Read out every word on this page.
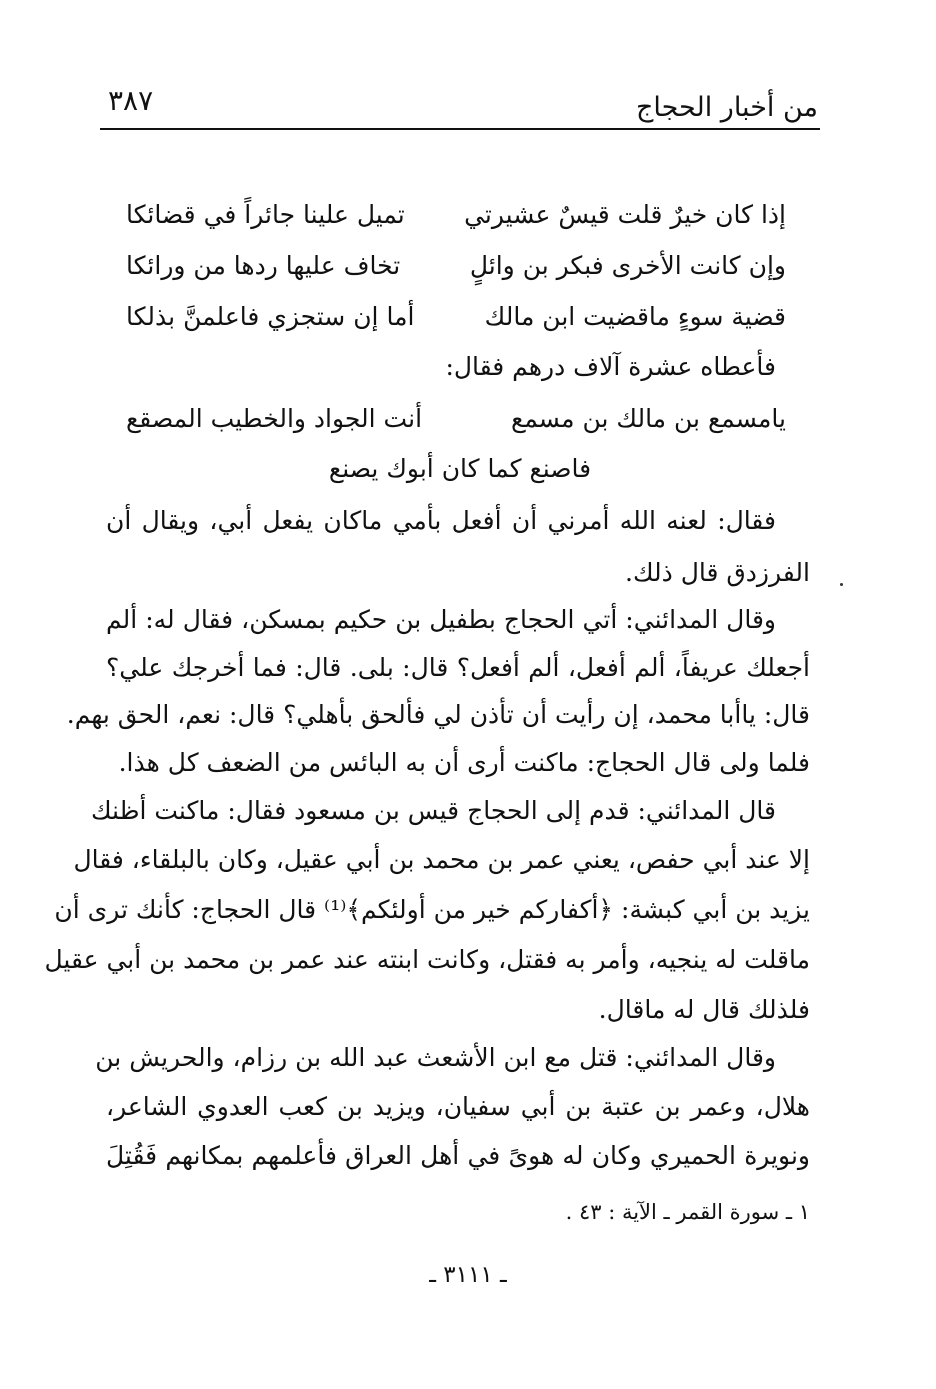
من أخبار الحجاج
٣٨٧
إذا كان خيرٌ قلت قيسٌ عشيرتي
تميل علينا جائراً في قضائكا
وإن كانت الأخرى فبكر بن وائلٍ
تخاف عليها ردها من ورائكا
قضية سوءٍ ماقضيت ابن مالك
أما إن ستجزي فاعلمنَّ بذلكا
فأعطاه عشرة آلاف درهم فقال:
يامسمع بن مالك بن مسمع
أنت الجواد والخطيب المصقع
فاصنع كما كان أبوك يصنع
فقال: لعنه الله أمرني أن أفعل بأمي ماكان يفعل أبي، ويقال أن
الفرزدق قال ذلك.
وقال المدائني: أتي الحجاج بطفيل بن حكيم بمسكن، فقال له: ألم
أجعلك عريفاً، ألم أفعل، ألم أفعل؟ قال: بلى. قال: فما أخرجك علي؟
قال: ياأبا محمد، إن رأيت أن تأذن لي فألحق بأهلي؟ قال: نعم، الحق بهم.
فلما ولى قال الحجاج: ماكنت أرى أن به البائس من الضعف كل هذا.
قال المدائني: قدم إلى الحجاج قيس بن مسعود فقال: ماكنت أظنك
إلا عند أبي حفص، يعني عمر بن محمد بن أبي عقيل، وكان بالبلقاء، فقال
يزيد بن أبي كبشة: ﴿أكفاركم خير من أولئكم﴾⁽¹⁾ قال الحجاج: كأنك ترى أن
ماقلت له ينجيه، وأمر به فقتل، وكانت ابنته عند عمر بن محمد بن أبي عقيل
فلذلك قال له ماقال.
وقال المدائني: قتل مع ابن الأشعث عبد الله بن رزام، والحريش بن
هلال، وعمر بن عتبة بن أبي سفيان، ويزيد بن كعب العدوي الشاعر،
ونويرة الحميري وكان له هوىً في أهل العراق فأعلمهم بمكانهم فَقُتِلَ
١ ـ سورة القمر ـ الآية : ٤٣ .
ـ ٣١١١ ـ
